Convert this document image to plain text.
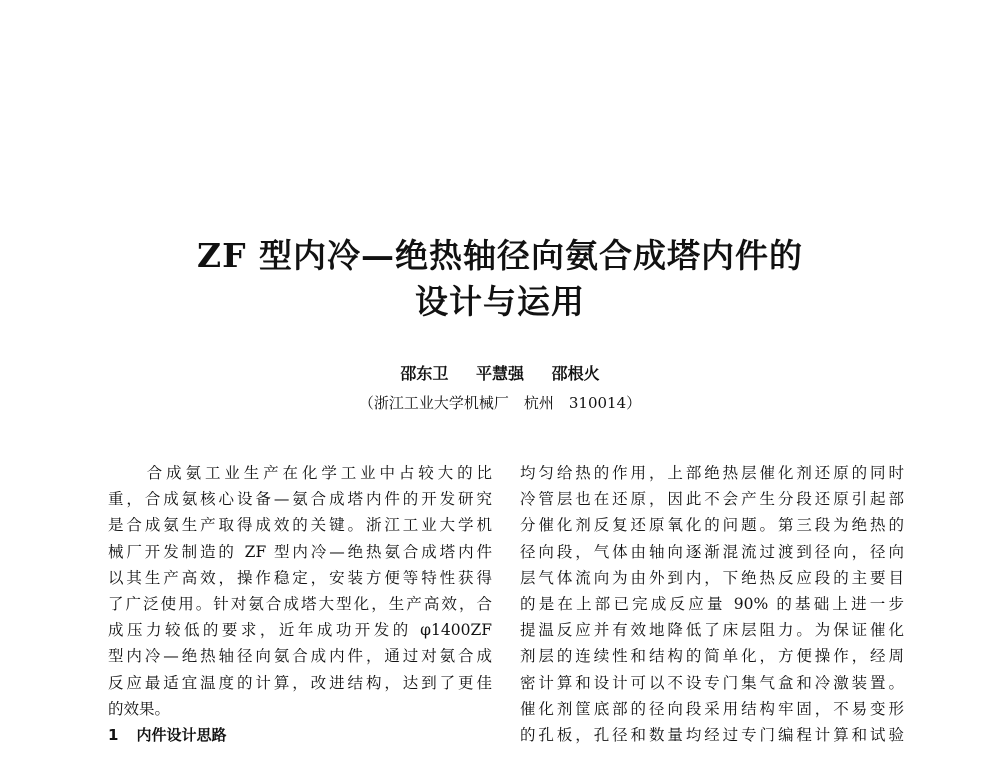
ZF 型内冷—绝热轴径向氨合成塔内件的
设计与运用
邵东卫 平慧强 邵根火
（浙江工业大学机械厂　杭州　310014）
　　合成氨工业生产在化学工业中占较大的比
重，合成氨核心设备—氨合成塔内件的开发研究
是合成氨生产取得成效的关键。浙江工业大学机
械厂开发制造的 ZF 型内冷—绝热氨合成塔内件
以其生产高效，操作稳定，安装方便等特性获得
了广泛使用。针对氨合成塔大型化，生产高效，合
成压力较低的要求，近年成功开发的 φ1400ZF
型内冷—绝热轴径向氨合成内件，通过对氨合成
反应最适宜温度的计算，改进结构，达到了更佳
的效果。
1 内件设计思路
均匀给热的作用，上部绝热层催化剂还原的同时
冷管层也在还原，因此不会产生分段还原引起部
分催化剂反复还原氧化的问题。第三段为绝热的
径向段，气体由轴向逐渐混流过渡到径向，径向
层气体流向为由外到内，下绝热反应段的主要目
的是在上部已完成反应量 90% 的基础上进一步
提温反应并有效地降低了床层阻力。为保证催化
剂层的连续性和结构的简单化，方便操作，经周
密计算和设计可以不设专门集气盒和冷激装置。
催化剂筐底部的径向段采用结构牢固，不易变形
的孔板，孔径和数量均经过专门编程计算和试验
